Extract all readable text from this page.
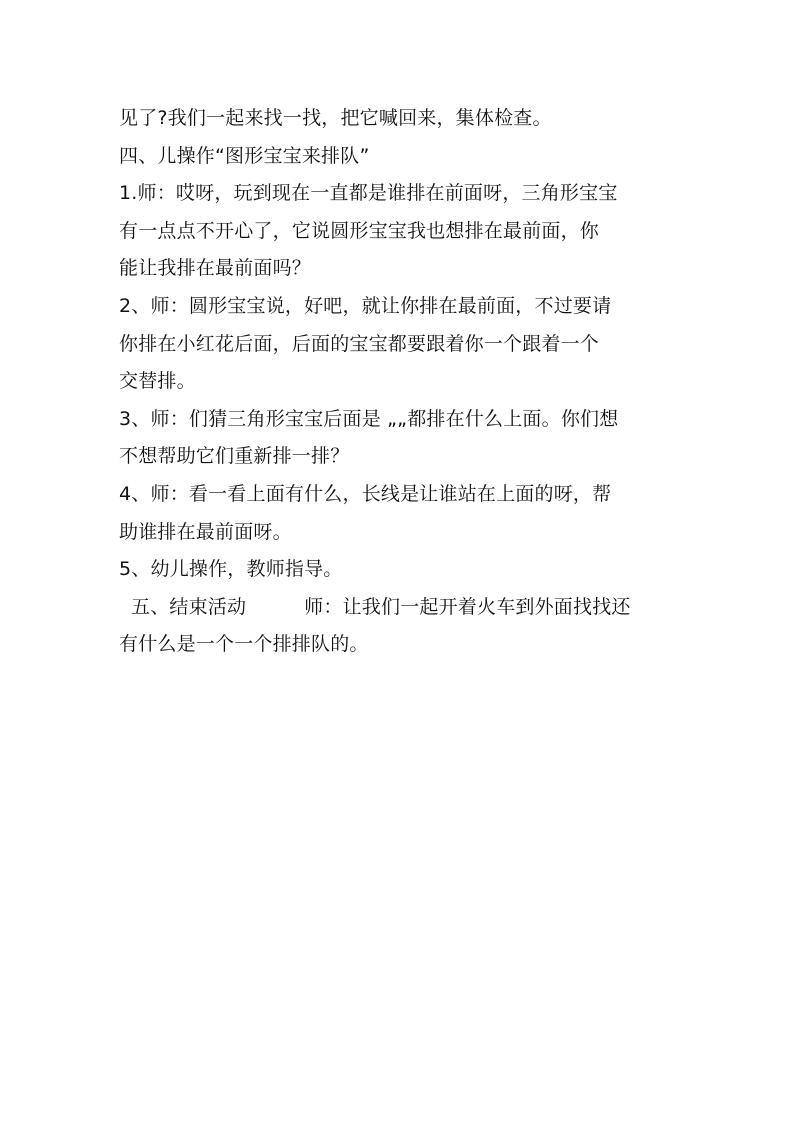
见了?我们一起来找一找，把它喊回来，集体检查。
四、儿操作“图形宝宝来排队”
1.师：哎呀，玩到现在一直都是谁排在前面呀，三角形宝宝
有一点点不开心了，它说圆形宝宝我也想排在最前面，你
能让我排在最前面吗？
2、师：圆形宝宝说，好吧，就让你排在最前面，不过要请
你排在小红花后面，后面的宝宝都要跟着你一个跟着一个
交替排。
3、师：们猜三角形宝宝后面是 „„都排在什么上面。你们想
不想帮助它们重新排一排？
4、师：看一看上面有什么，长线是让谁站在上面的呀，帮
助谁排在最前面呀。
5、幼儿操作，教师指导。
五、结束活动	师：让我们一起开着火车到外面找找还
有什么是一个一个排排队的。
